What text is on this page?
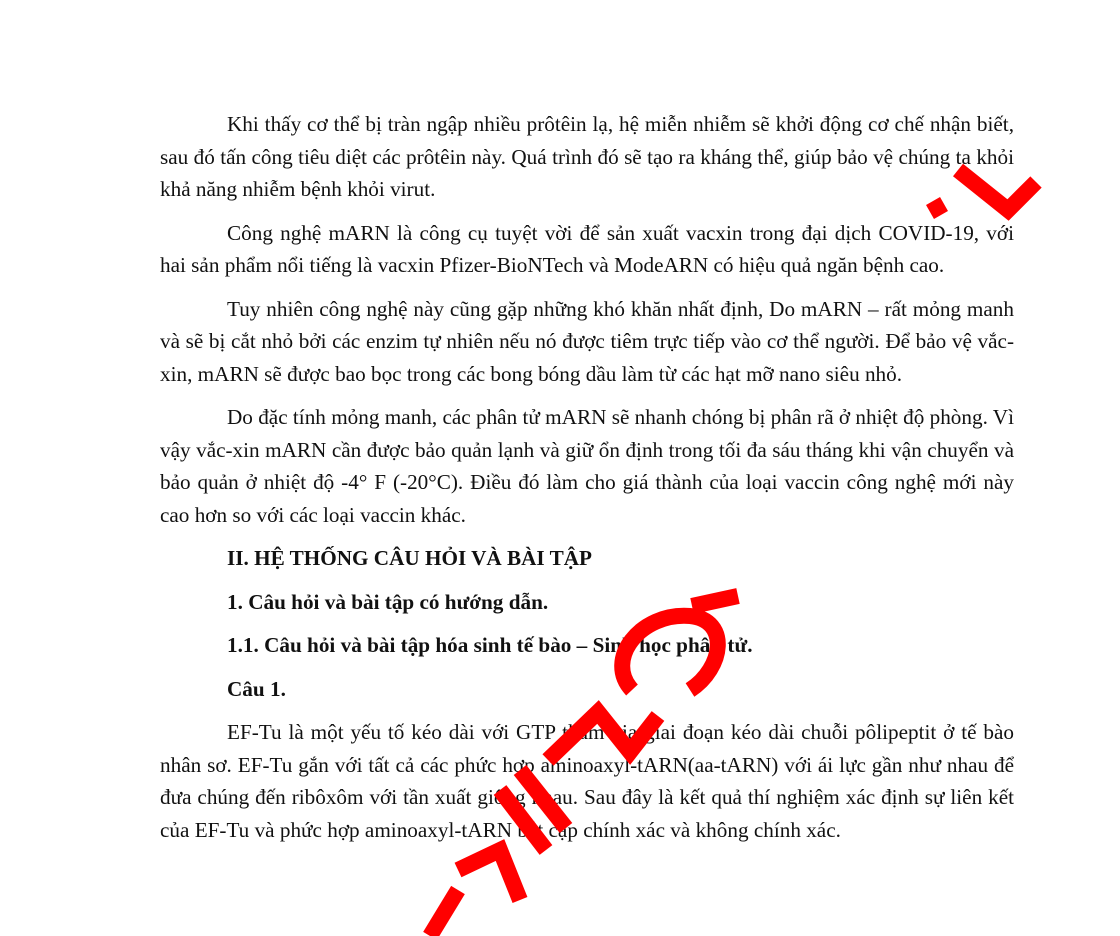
Khi thấy cơ thể bị tràn ngập nhiều prôtêin lạ, hệ miễn nhiễm sẽ khởi động cơ chế nhận biết, sau đó tấn công tiêu diệt các prôtêin này. Quá trình đó sẽ tạo ra kháng thể, giúp bảo vệ chúng ta khỏi khả năng nhiễm bệnh khỏi virut.

Công nghệ mARN là công cụ tuyệt vời để sản xuất vacxin trong đại dịch COVID-19, với hai sản phẩm nổi tiếng là vacxin Pfizer-BioNTech và ModeARN có hiệu quả ngăn bệnh cao.

Tuy nhiên công nghệ này cũng gặp những khó khăn nhất định, Do mARN – rất mỏng manh và sẽ bị cắt nhỏ bởi các enzim tự nhiên nếu nó được tiêm trực tiếp vào cơ thể người. Để bảo vệ vắc-xin, mARN sẽ được bao bọc trong các bong bóng dầu làm từ các hạt mỡ nano siêu nhỏ.

Do đặc tính mỏng manh, các phân tử mARN sẽ nhanh chóng bị phân rã ở nhiệt độ phòng. Vì vậy vắc-xin mARN cần được bảo quản lạnh và giữ ổn định trong tối đa sáu tháng khi vận chuyển và bảo quản ở nhiệt độ -4° F (-20°C). Điều đó làm cho giá thành của loại vaccin công nghệ mới này cao hơn so với các loại vaccin khác.

II. HỆ THỐNG CÂU HỎI VÀ BÀI TẬP

1. Câu hỏi và bài tập có hướng dẫn.

1.1. Câu hỏi và bài tập hóa sinh tế bào – Sinh học phân tử.

Câu 1.

EF-Tu là một yếu tố kéo dài với GTP tham gia giai đoạn kéo dài chuỗi pôlipeptit ở tế bào nhân sơ. EF-Tu gắn với tất cả các phức hợp aminoaxyl-tARN(aa-tARN) với ái lực gần như nhau để đưa chúng đến ribôxôm với tần xuất giống nhau. Sau đây là kết quả thí nghiệm xác định sự liên kết của EF-Tu và phức hợp aminoaxyl-tARN bắt cặp chính xác và không chính xác.
